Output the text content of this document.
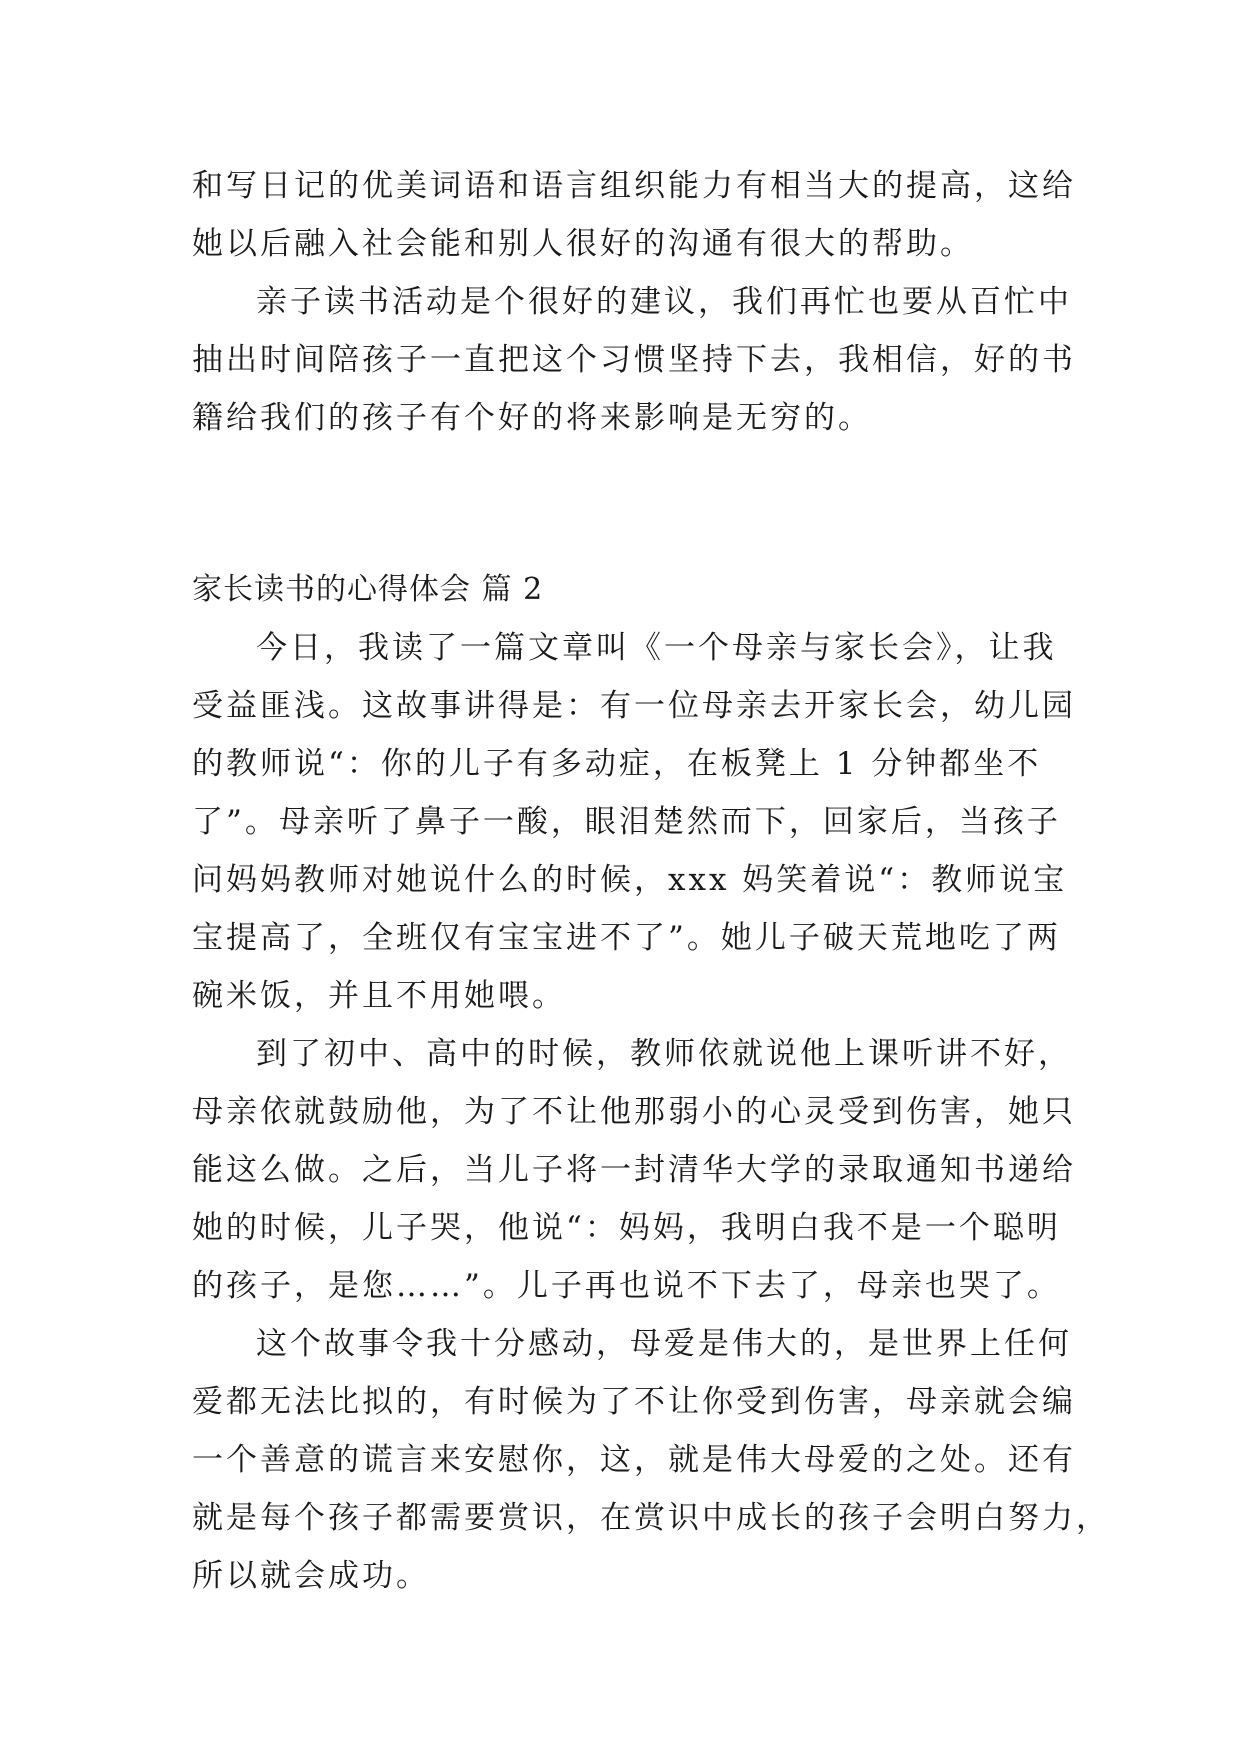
和写日记的优美词语和语言组织能力有相当大的提高，这给
她以后融入社会能和别人很好的沟通有很大的帮助。
亲子读书活动是个很好的建议，我们再忙也要从百忙中
抽出时间陪孩子一直把这个习惯坚持下去，我相信，好的书
籍给我们的孩子有个好的将来影响是无穷的。
家长读书的心得体会 篇 2
今日，我读了一篇文章叫《一个母亲与家长会》，让我
受益匪浅。这故事讲得是：有一位母亲去开家长会，幼儿园
的教师说“：你的儿子有多动症，在板凳上 1 分钟都坐不
了”。母亲听了鼻子一酸，眼泪楚然而下，回家后，当孩子
问妈妈教师对她说什么的时候，xxx 妈笑着说“：教师说宝
宝提高了，全班仅有宝宝进不了”。她儿子破天荒地吃了两
碗米饭，并且不用她喂。
到了初中、高中的时候，教师依就说他上课听讲不好，
母亲依就鼓励他，为了不让他那弱小的心灵受到伤害，她只
能这么做。之后，当儿子将一封清华大学的录取通知书递给
她的时候，儿子哭，他说“：妈妈，我明白我不是一个聪明
的孩子，是您……”。儿子再也说不下去了，母亲也哭了。
这个故事令我十分感动，母爱是伟大的，是世界上任何
爱都无法比拟的，有时候为了不让你受到伤害，母亲就会编
一个善意的谎言来安慰你，这，就是伟大母爱的之处。还有
就是每个孩子都需要赏识，在赏识中成长的孩子会明白努力，
所以就会成功。
